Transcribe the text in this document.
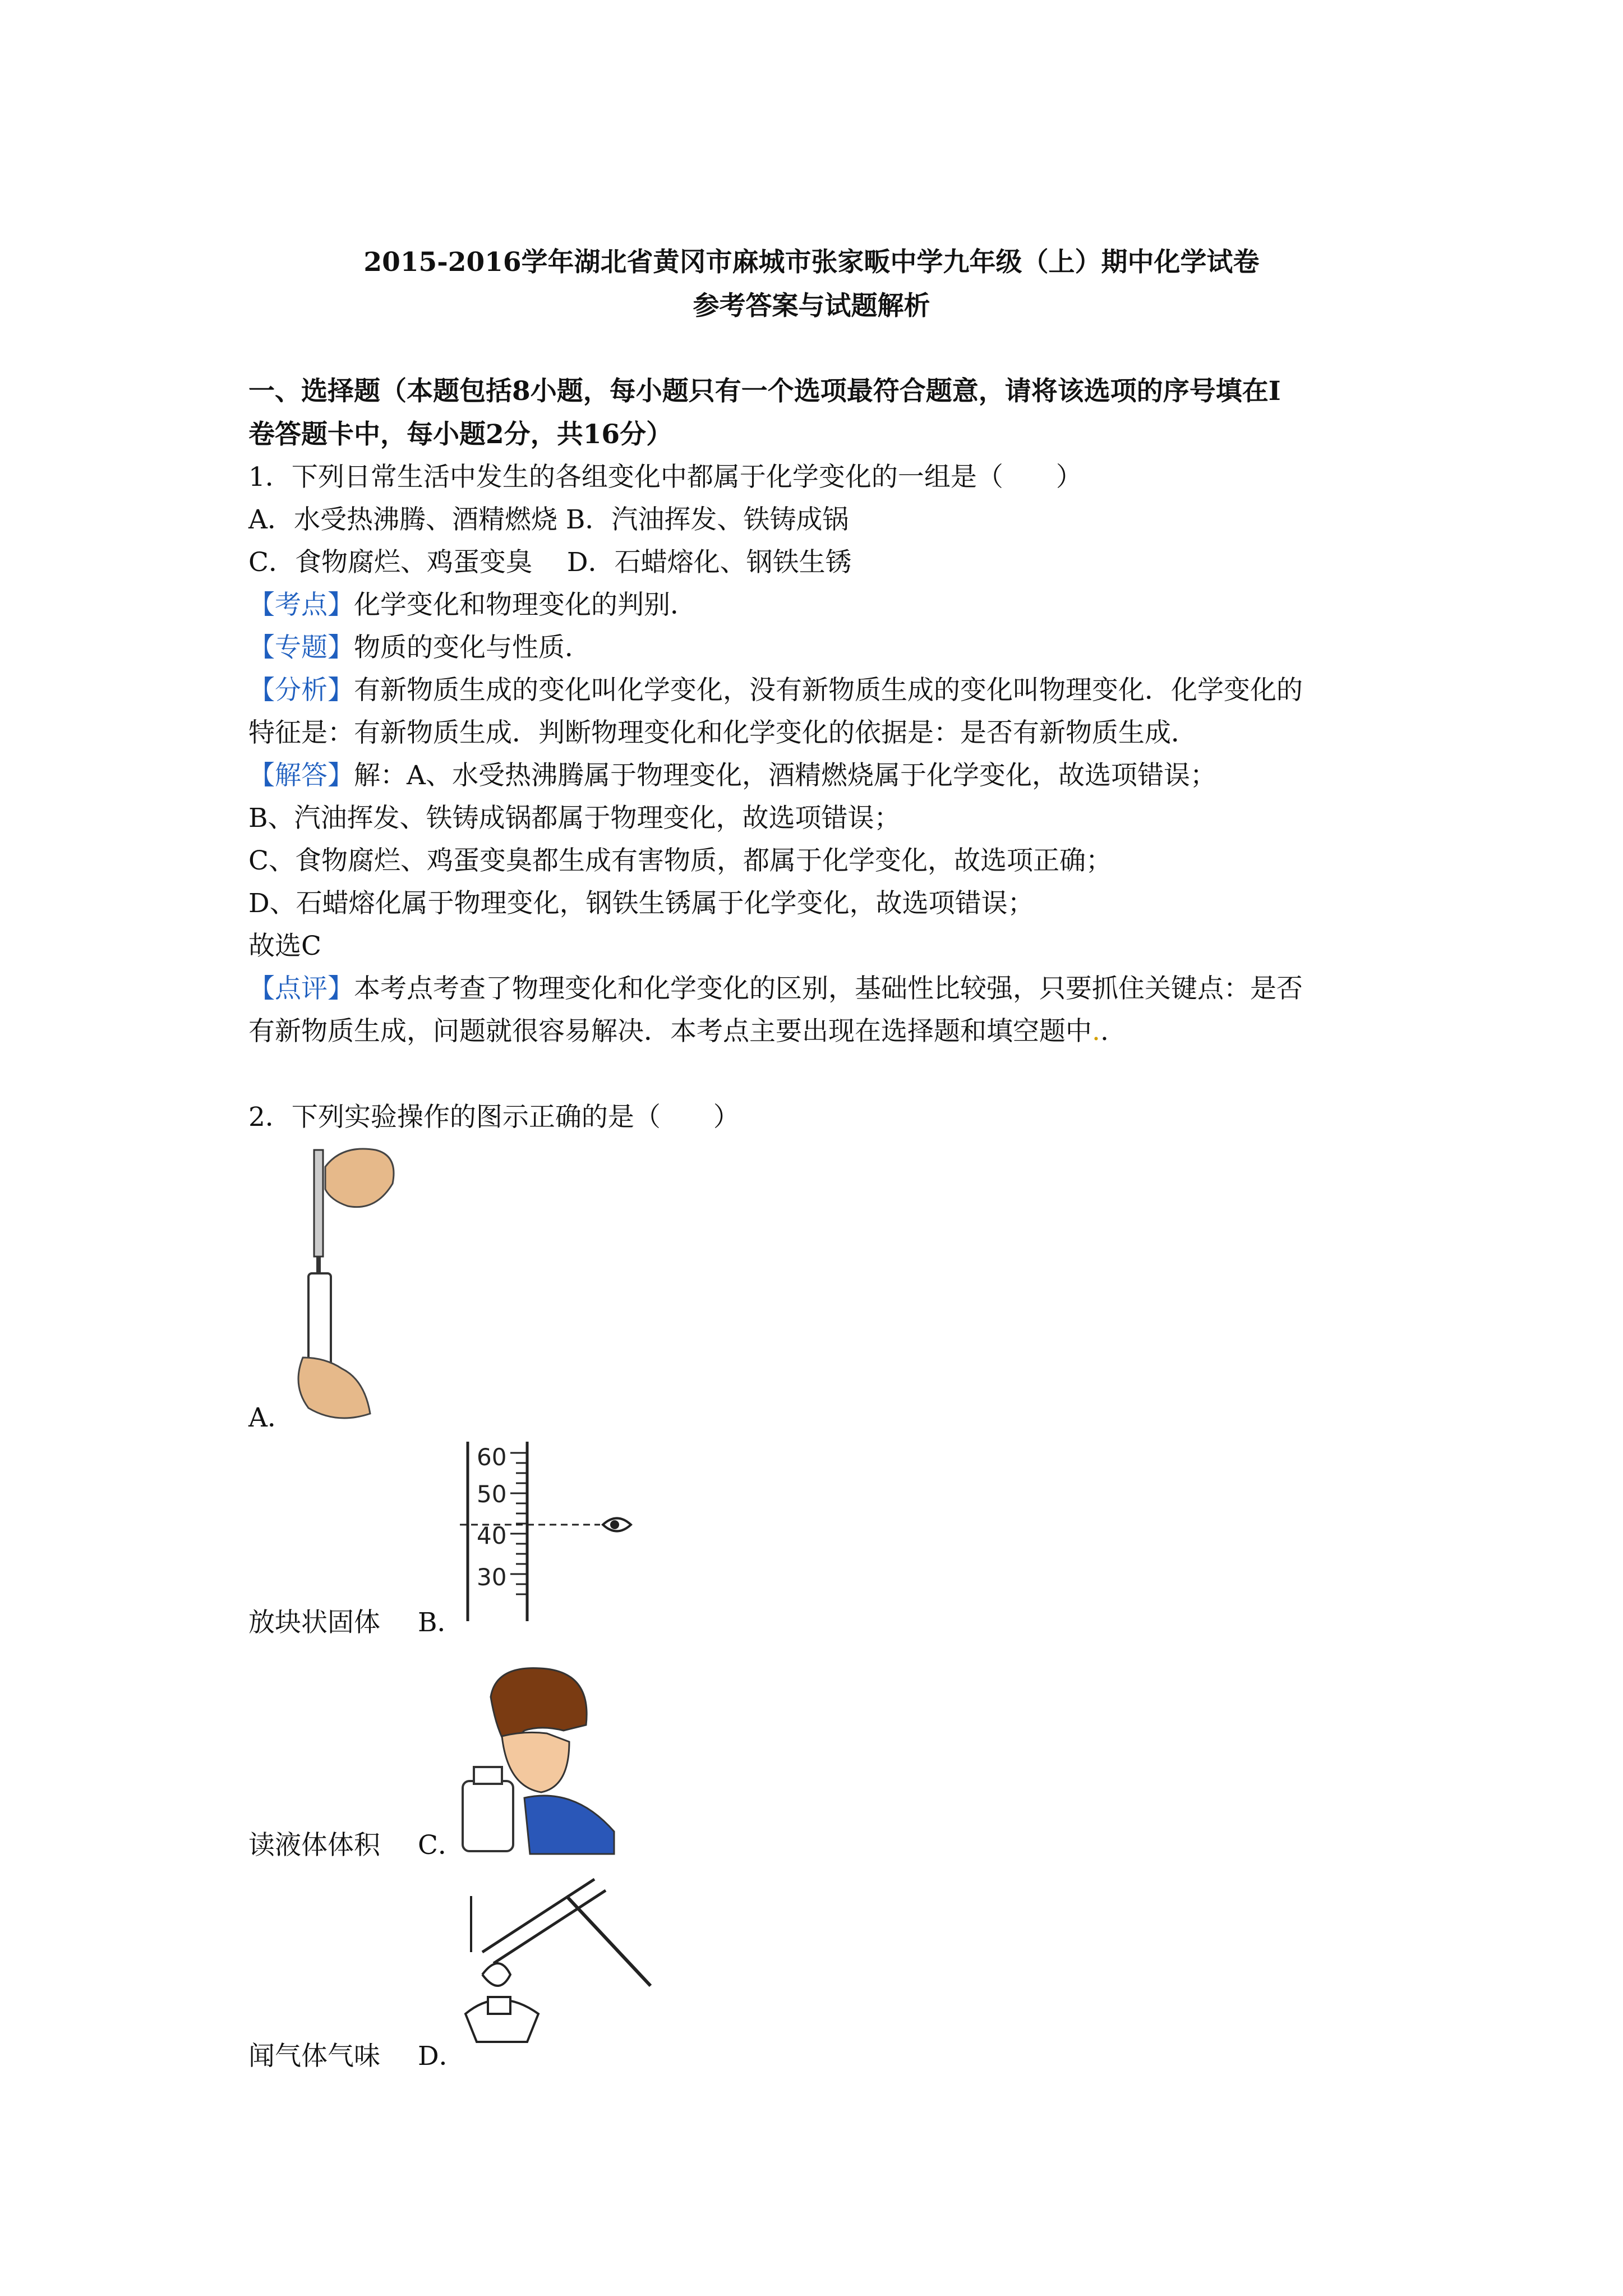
2015-2016学年湖北省黄冈市麻城市张家畈中学九年级（上）期中化学试卷
参考答案与试题解析
一、选择题（本题包括8小题，每小题只有一个选项最符合题意，请将该选项的序号填在I
卷答题卡中，每小题2分，共16分）
1．下列日常生活中发生的各组变化中都属于化学变化的一组是（　　）
A．水受热沸腾、酒精燃烧 B．汽油挥发、铁铸成锅
C．食物腐烂、鸡蛋变臭　 D．石蜡熔化、钢铁生锈
【考点】化学变化和物理变化的判别．
【专题】物质的变化与性质．
【分析】有新物质生成的变化叫化学变化，没有新物质生成的变化叫物理变化．化学变化的
特征是：有新物质生成．判断物理变化和化学变化的依据是：是否有新物质生成．
【解答】解：A、水受热沸腾属于物理变化，酒精燃烧属于化学变化，故选项错误；
B、汽油挥发、铁铸成锅都属于物理变化，故选项错误；
C、食物腐烂、鸡蛋变臭都生成有害物质，都属于化学变化，故选项正确；
D、石蜡熔化属于物理变化，钢铁生锈属于化学变化，故选项错误；
故选C
【点评】本考点考查了物理变化和化学变化的区别，基础性比较强，只要抓住关键点：是否
有新物质生成，问题就很容易解决．本考点主要出现在选择题和填空题中..
2．下列实验操作的图示正确的是（　　）
A．
60
50
40
30
放块状固体 B．
读液体体积 C．
闻气体气味 D．
